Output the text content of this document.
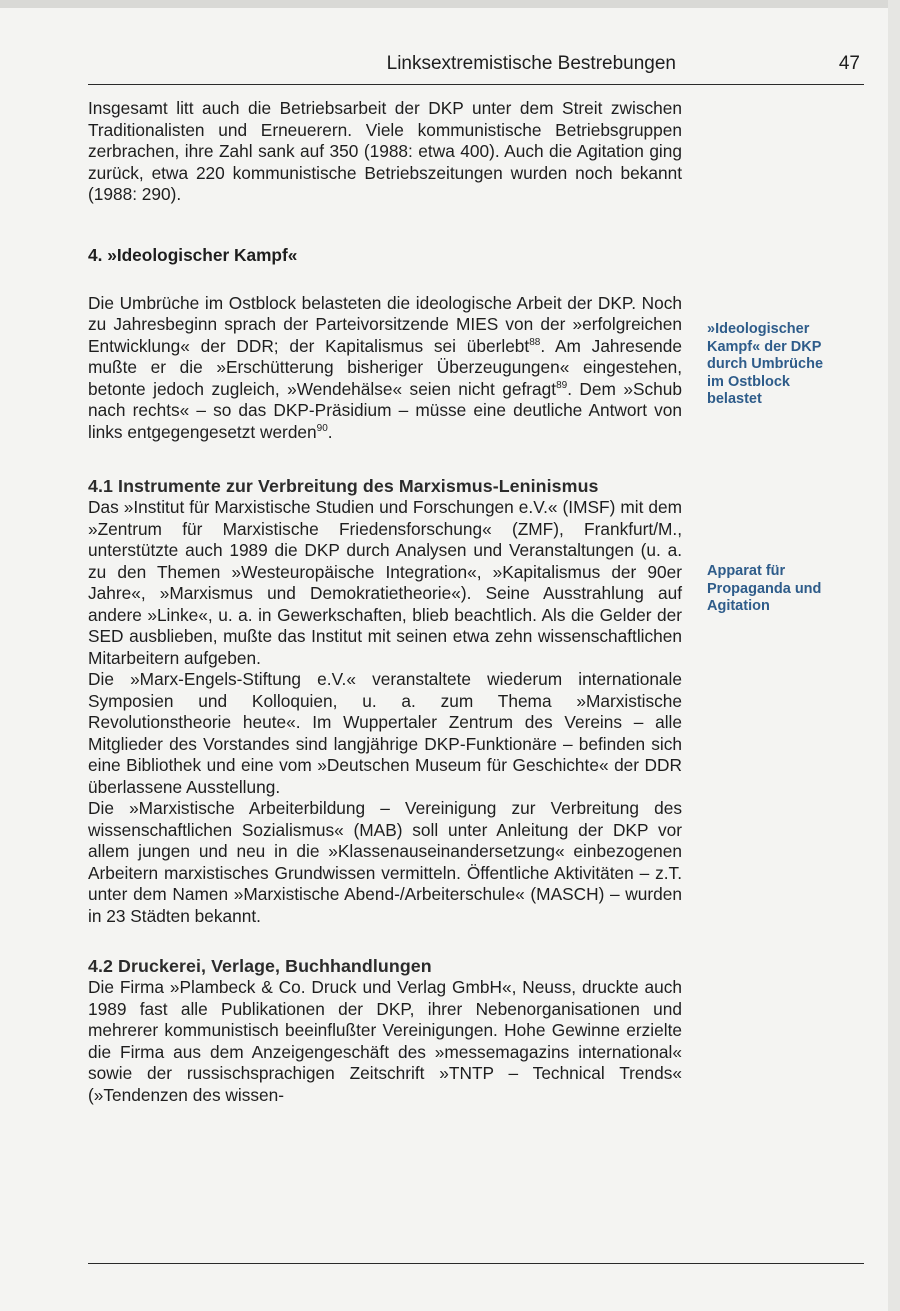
Linksextremistische Bestrebungen	47

Insgesamt litt auch die Betriebsarbeit der DKP unter dem Streit zwischen Traditionalisten und Erneuerern. Viele kommunistische Betriebsgruppen zerbrachen, ihre Zahl sank auf 350 (1988: etwa 400). Auch die Agitation ging zurück, etwa 220 kommunistische Betriebszeitungen wurden noch bekannt (1988: 290).

4. »Ideologischer Kampf«

Die Umbrüche im Ostblock belasteten die ideologische Arbeit der DKP. Noch zu Jahresbeginn sprach der Parteivorsitzende MIES von der »erfolgreichen Entwicklung« der DDR; der Kapitalismus sei überlebt$^{88}$. Am Jahresende mußte er die »Erschütterung bisheriger Überzeugungen« eingestehen, betonte jedoch zugleich, »Wendehälse« seien nicht gefragt$^{89}$. Dem »Schub nach rechts« – so das DKP-Präsidium – müsse eine deutliche Antwort von links entgegengesetzt werden$^{90}$.

4.1 Instrumente zur Verbreitung des Marxismus-Leninismus

Das »Institut für Marxistische Studien und Forschungen e.V.« (IMSF) mit dem »Zentrum für Marxistische Friedensforschung« (ZMF), Frankfurt/M., unterstützte auch 1989 die DKP durch Analysen und Veranstaltungen (u. a. zu den Themen »Westeuropäische Integration«, »Kapitalismus der 90er Jahre«, »Marxismus und Demokratietheorie«). Seine Ausstrahlung auf andere »Linke«, u. a. in Gewerkschaften, blieb beachtlich. Als die Gelder der SED ausblieben, mußte das Institut mit seinen etwa zehn wissenschaftlichen Mitarbeitern aufgeben.

Die »Marx-Engels-Stiftung e.V.« veranstaltete wiederum internationale Symposien und Kolloquien, u. a. zum Thema »Marxistische Revolutionstheorie heute«. Im Wuppertaler Zentrum des Vereins – alle Mitglieder des Vorstandes sind langjährige DKP-Funktionäre – befinden sich eine Bibliothek und eine vom »Deutschen Museum für Geschichte« der DDR überlassene Ausstellung.

Die »Marxistische Arbeiterbildung – Vereinigung zur Verbreitung des wissenschaftlichen Sozialismus« (MAB) soll unter Anleitung der DKP vor allem jungen und neu in die »Klassenauseinandersetzung« einbezogenen Arbeitern marxistisches Grundwissen vermitteln. Öffentliche Aktivitäten – z.T. unter dem Namen »Marxistische Abend-/Arbeiterschule« (MASCH) – wurden in 23 Städten bekannt.

4.2 Druckerei, Verlage, Buchhandlungen

Die Firma »Plambeck & Co. Druck und Verlag GmbH«, Neuss, druckte auch 1989 fast alle Publikationen der DKP, ihrer Nebenorganisationen und mehrerer kommunistisch beeinflußter Vereinigungen. Hohe Gewinne erzielte die Firma aus dem Anzeigengeschäft des »messemagazins international« sowie der russischsprachigen Zeitschrift »TNTP – Technical Trends« (»Tendenzen des wissen-

»Ideologischer
Kampf« der DKP
durch Umbrüche
im Ostblock
belastet
Apparat für
Propaganda und
Agitation
